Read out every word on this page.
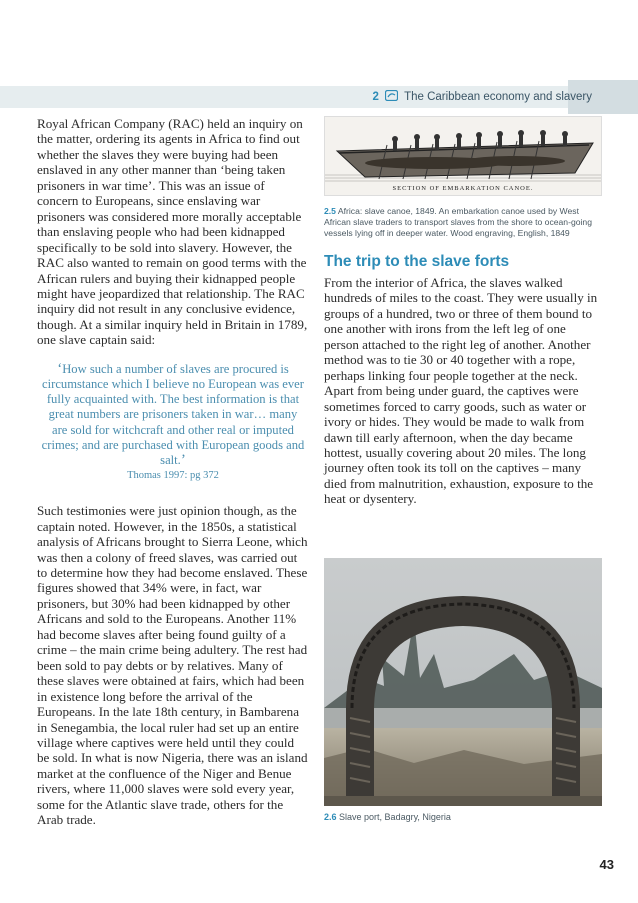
2 The Caribbean economy and slavery

Royal African Company (RAC) held an inquiry on the matter, ordering its agents in Africa to find out whether the slaves they were buying had been enslaved in any other manner than ‘being taken prisoners in war time’. This was an issue of concern to Europeans, since enslaving war prisoners was considered more morally acceptable than enslaving people who had been kidnapped specifically to be sold into slavery. However, the RAC also wanted to remain on good terms with the African rulers and buying their kidnapped people might have jeopardized that relationship. The RAC inquiry did not result in any conclusive evidence, though. At a similar inquiry held in Britain in 1789, one slave captain said:

‘How such a number of slaves are procured is circumstance which I believe no European was ever fully acquainted with. The best information is that great numbers are prisoners taken in war… many are sold for witchcraft and other real or imputed crimes; and are purchased with European goods and salt.’
Thomas 1997: pg 372

Such testimonies were just opinion though, as the captain noted. However, in the 1850s, a statistical analysis of Africans brought to Sierra Leone, which was then a colony of freed slaves, was carried out to determine how they had become enslaved. These figures showed that 34% were, in fact, war prisoners, but 30% had been kidnapped by other Africans and sold to the Europeans. Another 11% had become slaves after being found guilty of a crime – the main crime being adultery. The rest had been sold to pay debts or by relatives. Many of these slaves were obtained at fairs, which had been in existence long before the arrival of the Europeans. In the late 18th century, in Bambarena in Senegambia, the local ruler had set up an entire village where captives were held until they could be sold. In what is now Nigeria, there was an island market at the confluence of the Niger and Benue rivers, where 11,000 slaves were sold every year, some for the Atlantic slave trade, others for the Arab trade.

SECTION OF EMBARKATION CANOE.

2.5 Africa: slave canoe, 1849. An embarkation canoe used by West African slave traders to transport slaves from the shore to ocean-going vessels lying off in deeper water. Wood engraving, English, 1849

The trip to the slave forts

From the interior of Africa, the slaves walked hundreds of miles to the coast. They were usually in groups of a hundred, two or three of them bound to one another with irons from the left leg of one person attached to the right leg of another. Another method was to tie 30 or 40 together with a rope, perhaps linking four people together at the neck. Apart from being under guard, the captives were sometimes forced to carry goods, such as water or ivory or hides. They would be made to walk from dawn till early afternoon, when the day became hottest, usually covering about 20 miles. The long journey often took its toll on the captives – many died from malnutrition, exhaustion, exposure to the heat or dysentery.

2.6 Slave port, Badagry, Nigeria

43
